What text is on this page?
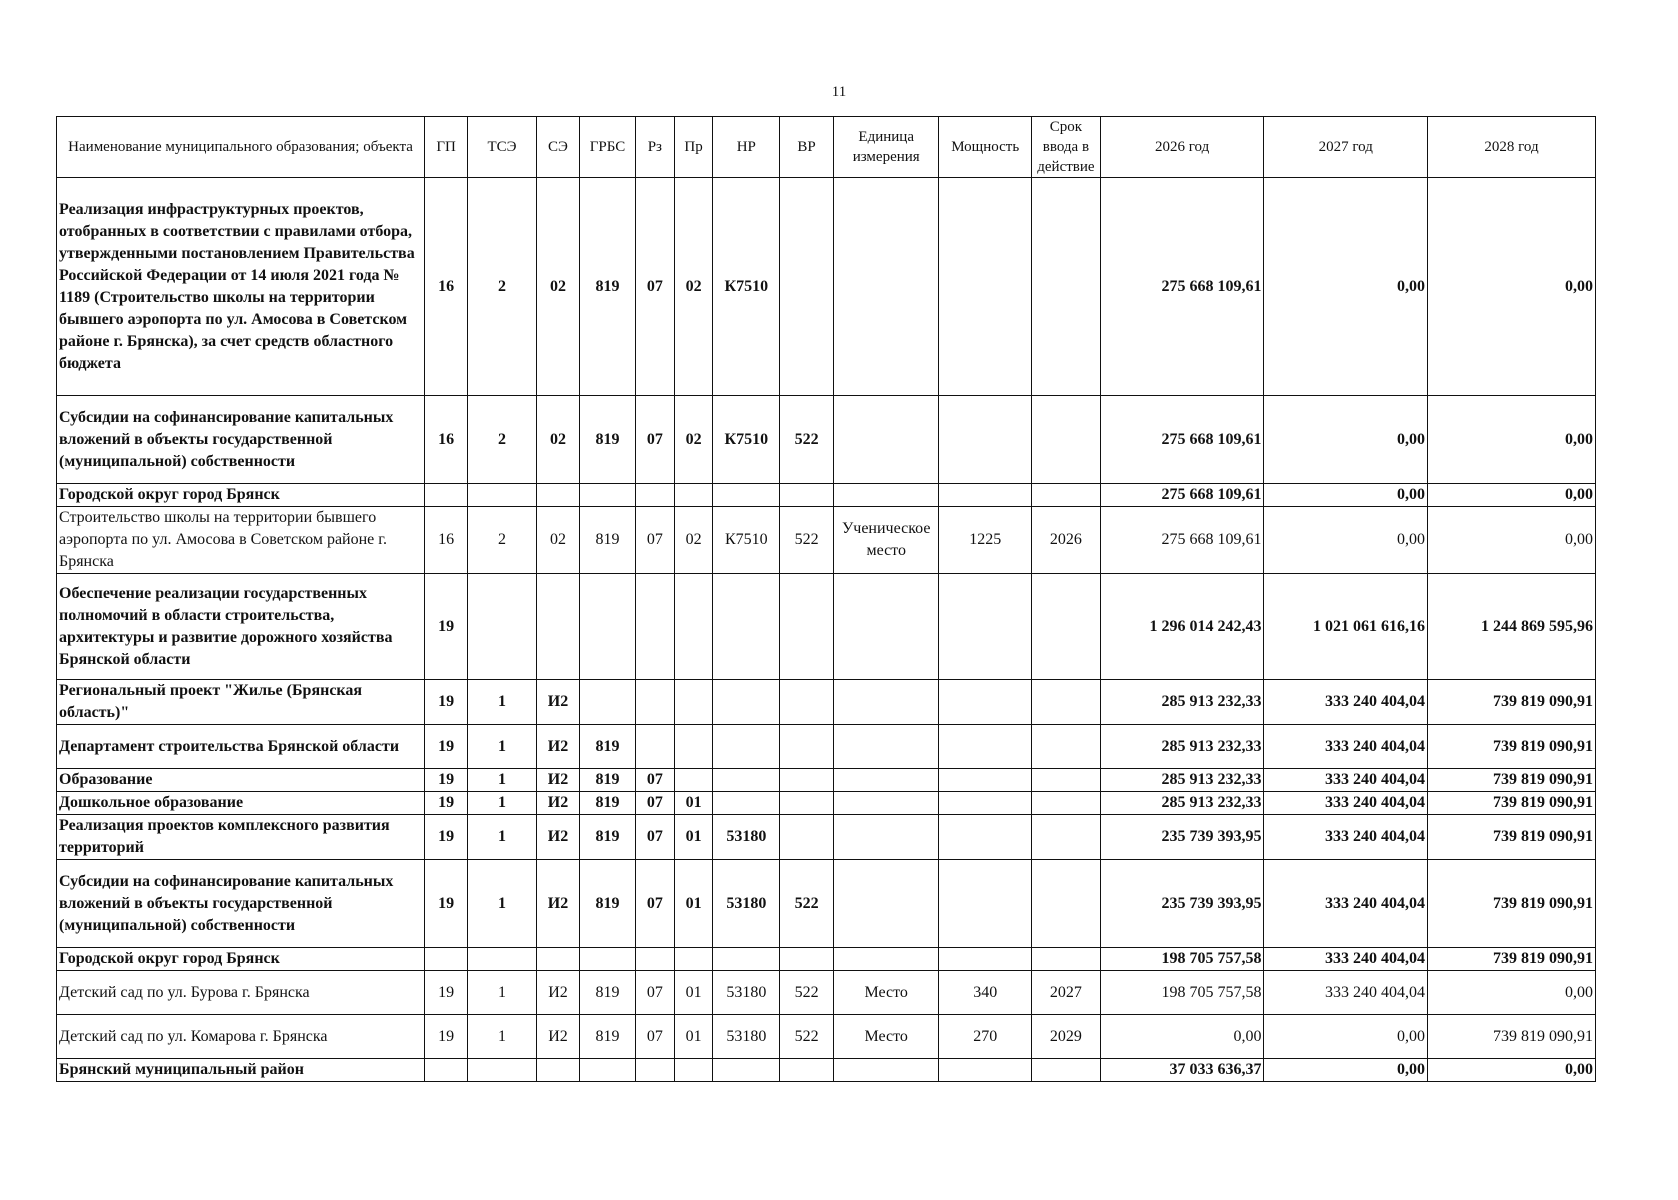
11
Наименование муниципального образования; объекта	ГП	ТСЭ	СЭ	ГРБС	Рз	Пр	НР	ВР	Единица измерения	Мощность	Срок ввода в действие	2026 год	2027 год	2028 год
Реализация инфраструктурных проектов, отобранных в соответствии с правилами отбора, утвержденными постановлением Правительства Российской Федерации от 14 июля 2021 года № 1189 (Строительство школы на территории бывшего аэропорта по ул. Амосова в Советском районе г. Брянска), за счет средств областного бюджета	16	2	02	819	07	02	К7510					275 668 109,61	0,00	0,00
Субсидии на софинансирование капитальных вложений в объекты государственной (муниципальной) собственности	16	2	02	819	07	02	К7510	522				275 668 109,61	0,00	0,00
Городской округ город Брянск												275 668 109,61	0,00	0,00
Строительство школы на территории бывшего аэропорта по ул. Амосова в Советском районе г. Брянска	16	2	02	819	07	02	К7510	522	Ученическое место	1225	2026	275 668 109,61	0,00	0,00
Обеспечение реализации государственных полномочий в области строительства, архитектуры и развитие дорожного хозяйства Брянской области	19											1 296 014 242,43	1 021 061 616,16	1 244 869 595,96
Региональный проект "Жилье (Брянская область)"	19	1	И2									285 913 232,33	333 240 404,04	739 819 090,91
Департамент строительства Брянской области	19	1	И2	819								285 913 232,33	333 240 404,04	739 819 090,91
Образование	19	1	И2	819	07							285 913 232,33	333 240 404,04	739 819 090,91
Дошкольное образование	19	1	И2	819	07	01						285 913 232,33	333 240 404,04	739 819 090,91
Реализация проектов комплексного развития территорий	19	1	И2	819	07	01	53180					235 739 393,95	333 240 404,04	739 819 090,91
Субсидии на софинансирование капитальных вложений в объекты государственной (муниципальной) собственности	19	1	И2	819	07	01	53180	522				235 739 393,95	333 240 404,04	739 819 090,91
Городской округ город Брянск												198 705 757,58	333 240 404,04	739 819 090,91
Детский сад по ул. Бурова г. Брянска	19	1	И2	819	07	01	53180	522	Место	340	2027	198 705 757,58	333 240 404,04	0,00
Детский сад по ул. Комарова г. Брянска	19	1	И2	819	07	01	53180	522	Место	270	2029	0,00	0,00	739 819 090,91
Брянский муниципальный район												37 033 636,37	0,00	0,00
